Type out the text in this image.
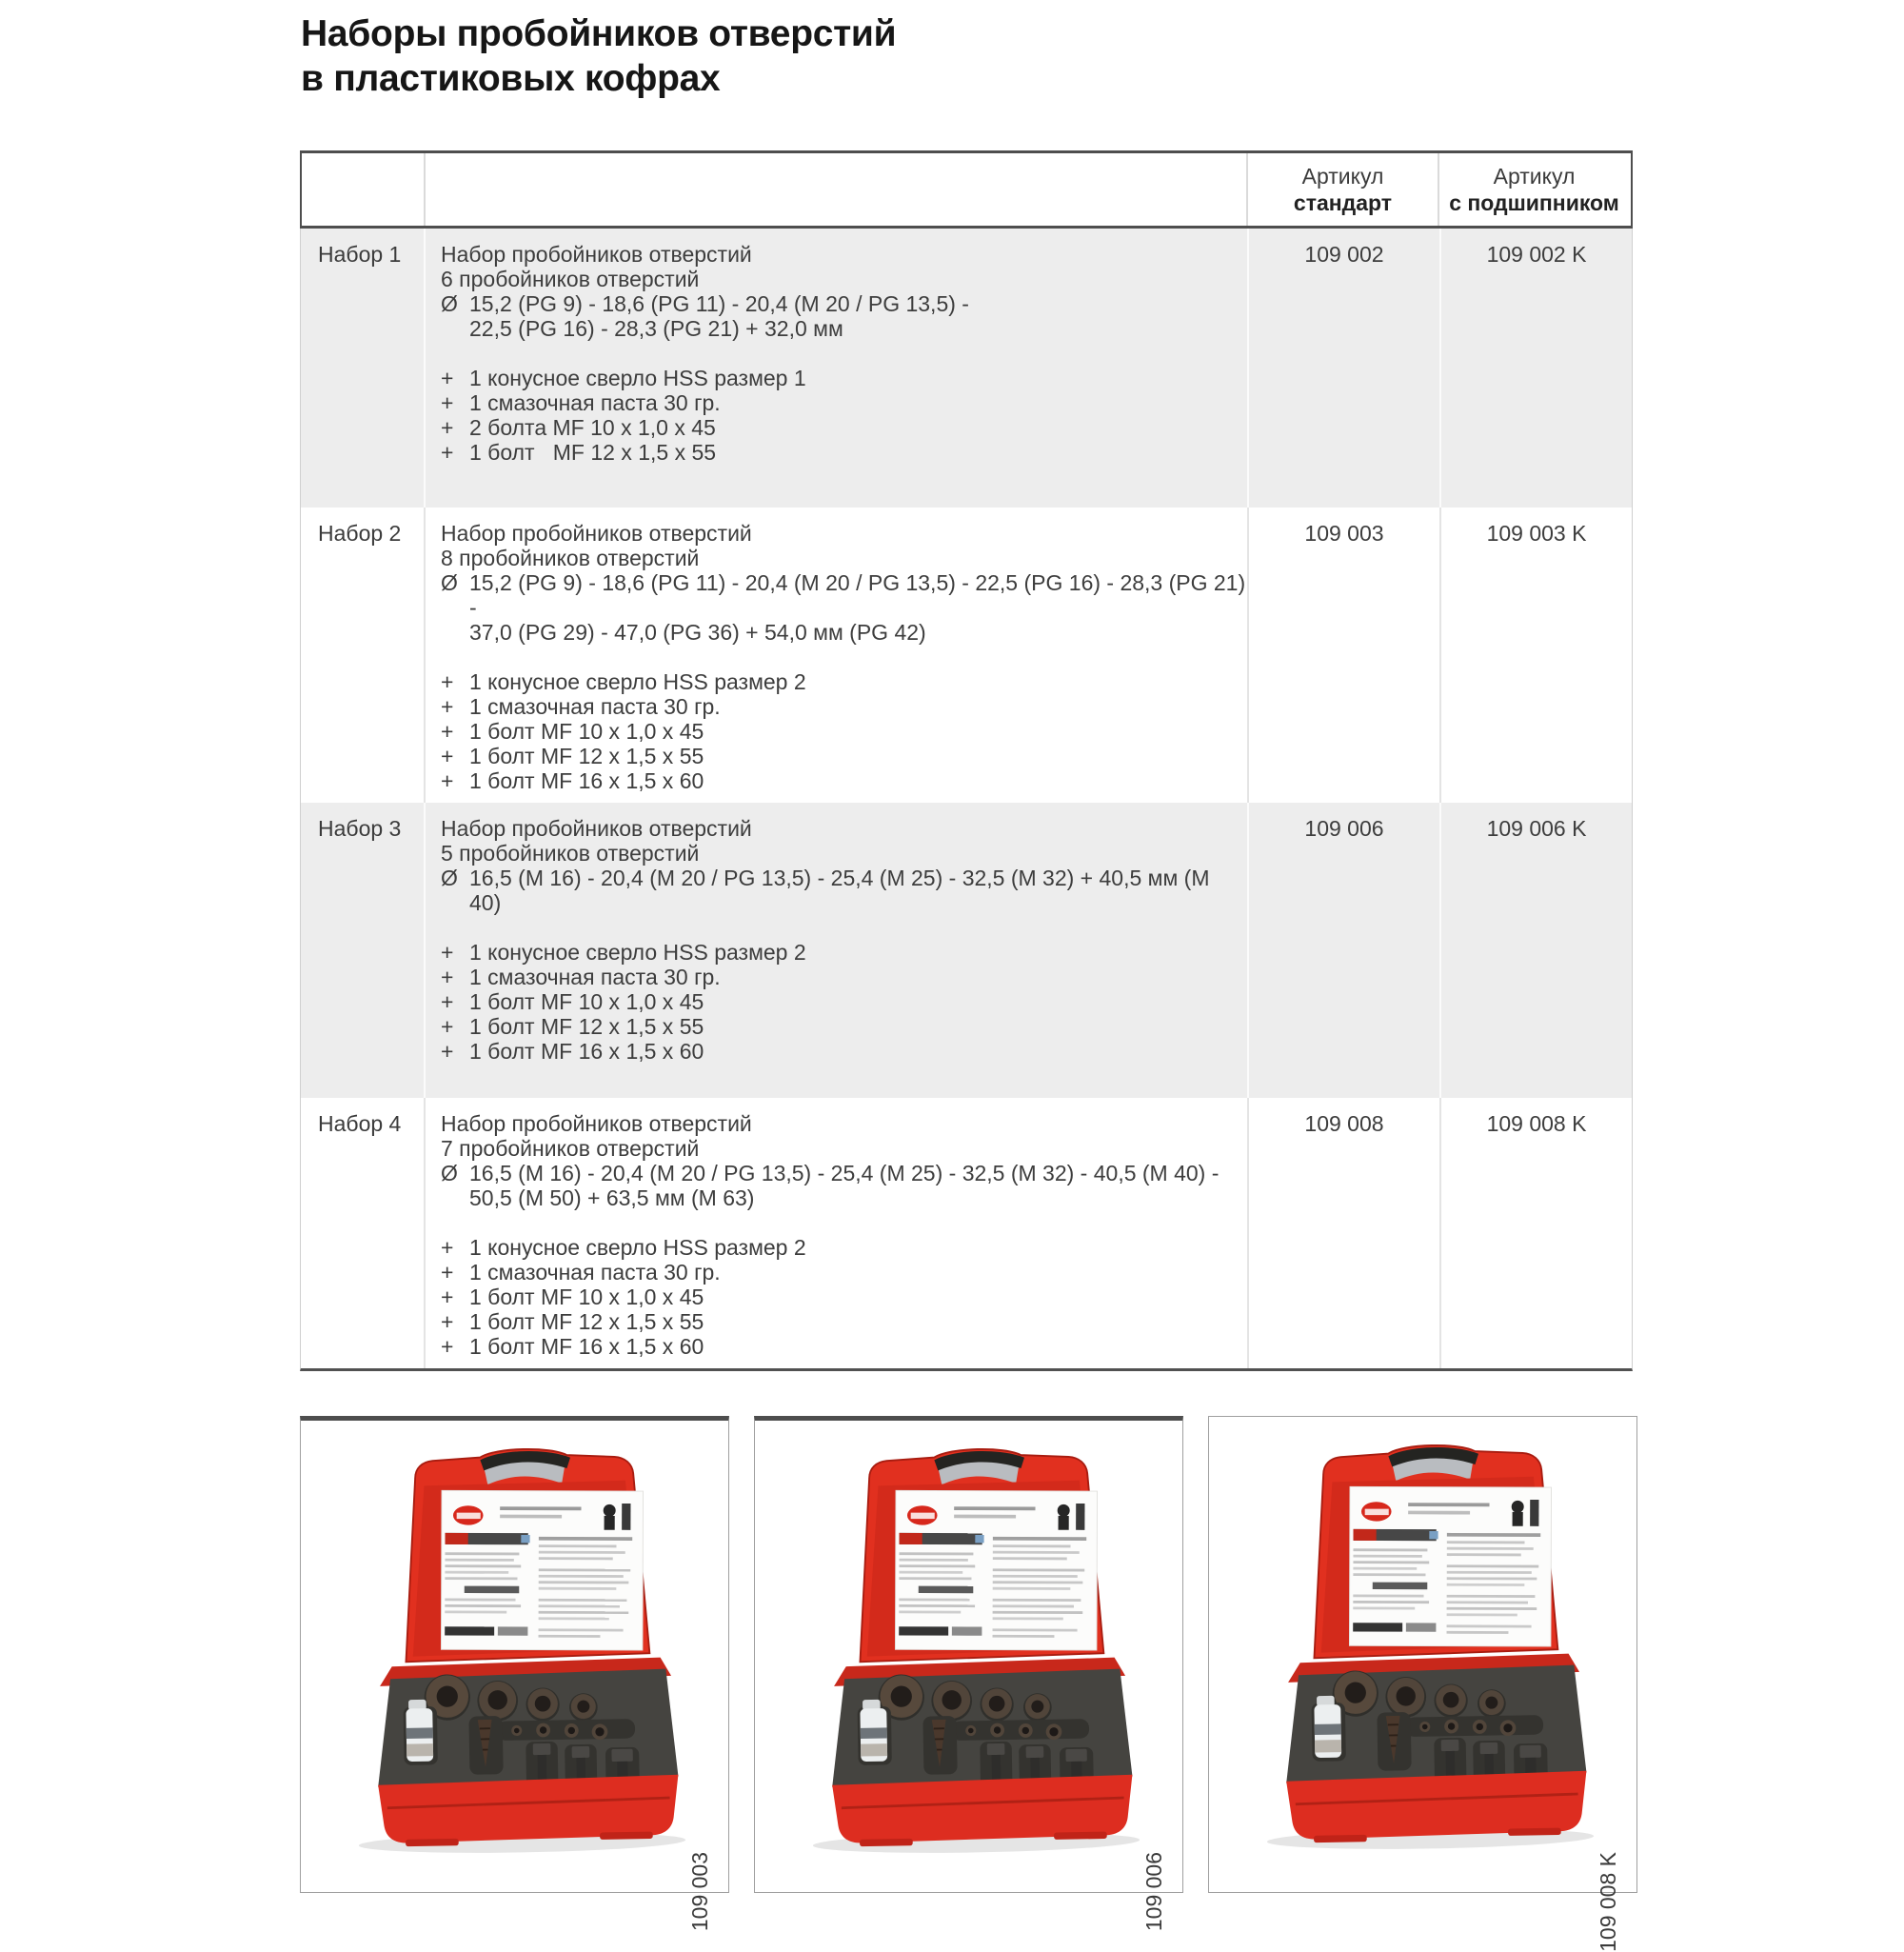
Наборы пробойников отверстий
в пластиковых кофрах
Артикул
стандарт
Артикул
с подшипником
Набор 1	Набор пробойников отверстий
6 пробойников отверстий
Ø 15,2 (PG 9) - 18,6 (PG 11) - 20,4 (M 20 / PG 13,5) -
22,5 (PG 16) - 28,3 (PG 21) + 32,0 мм
+ 1 конусное сверло HSS размер 1
+ 1 смазочная паста 30 гр.
+ 2 болта MF 10 x 1,0 x 45
+ 1 болт   MF 12 x 1,5 x 55
109 002	109 002 K
Набор 2	Набор пробойников отверстий
8 пробойников отверстий
Ø 15,2 (PG 9) - 18,6 (PG 11) - 20,4 (M 20 / PG 13,5) - 22,5 (PG 16) - 28,3 (PG 21) -
37,0 (PG 29) - 47,0 (PG 36) + 54,0 мм (PG 42)
+ 1 конусное сверло HSS размер 2
+ 1 смазочная паста 30 гр.
+ 1 болт MF 10 x 1,0 x 45
+ 1 болт MF 12 x 1,5 x 55
+ 1 болт MF 16 x 1,5 x 60
109 003	109 003 K
Набор 3	Набор пробойников отверстий
5 пробойников отверстий
Ø 16,5 (M 16) - 20,4 (M 20 / PG 13,5) - 25,4 (M 25) - 32,5 (M 32) + 40,5 мм (M 40)
+ 1 конусное сверло HSS размер 2
+ 1 смазочная паста 30 гр.
+ 1 болт MF 10 x 1,0 x 45
+ 1 болт MF 12 x 1,5 x 55
+ 1 болт MF 16 x 1,5 x 60
109 006	109 006 K
Набор 4	Набор пробойников отверстий
7 пробойников отверстий
Ø 16,5 (M 16) - 20,4 (M 20 / PG 13,5) - 25,4 (M 25) - 32,5 (M 32) - 40,5 (M 40) -
50,5 (M 50) + 63,5 мм (M 63)
+ 1 конусное сверло HSS размер 2
+ 1 смазочная паста 30 гр.
+ 1 болт MF 10 x 1,0 x 45
+ 1 болт MF 12 x 1,5 x 55
+ 1 болт MF 16 x 1,5 x 60
109 008	109 008 K
109 003	109 006	109 008 K
